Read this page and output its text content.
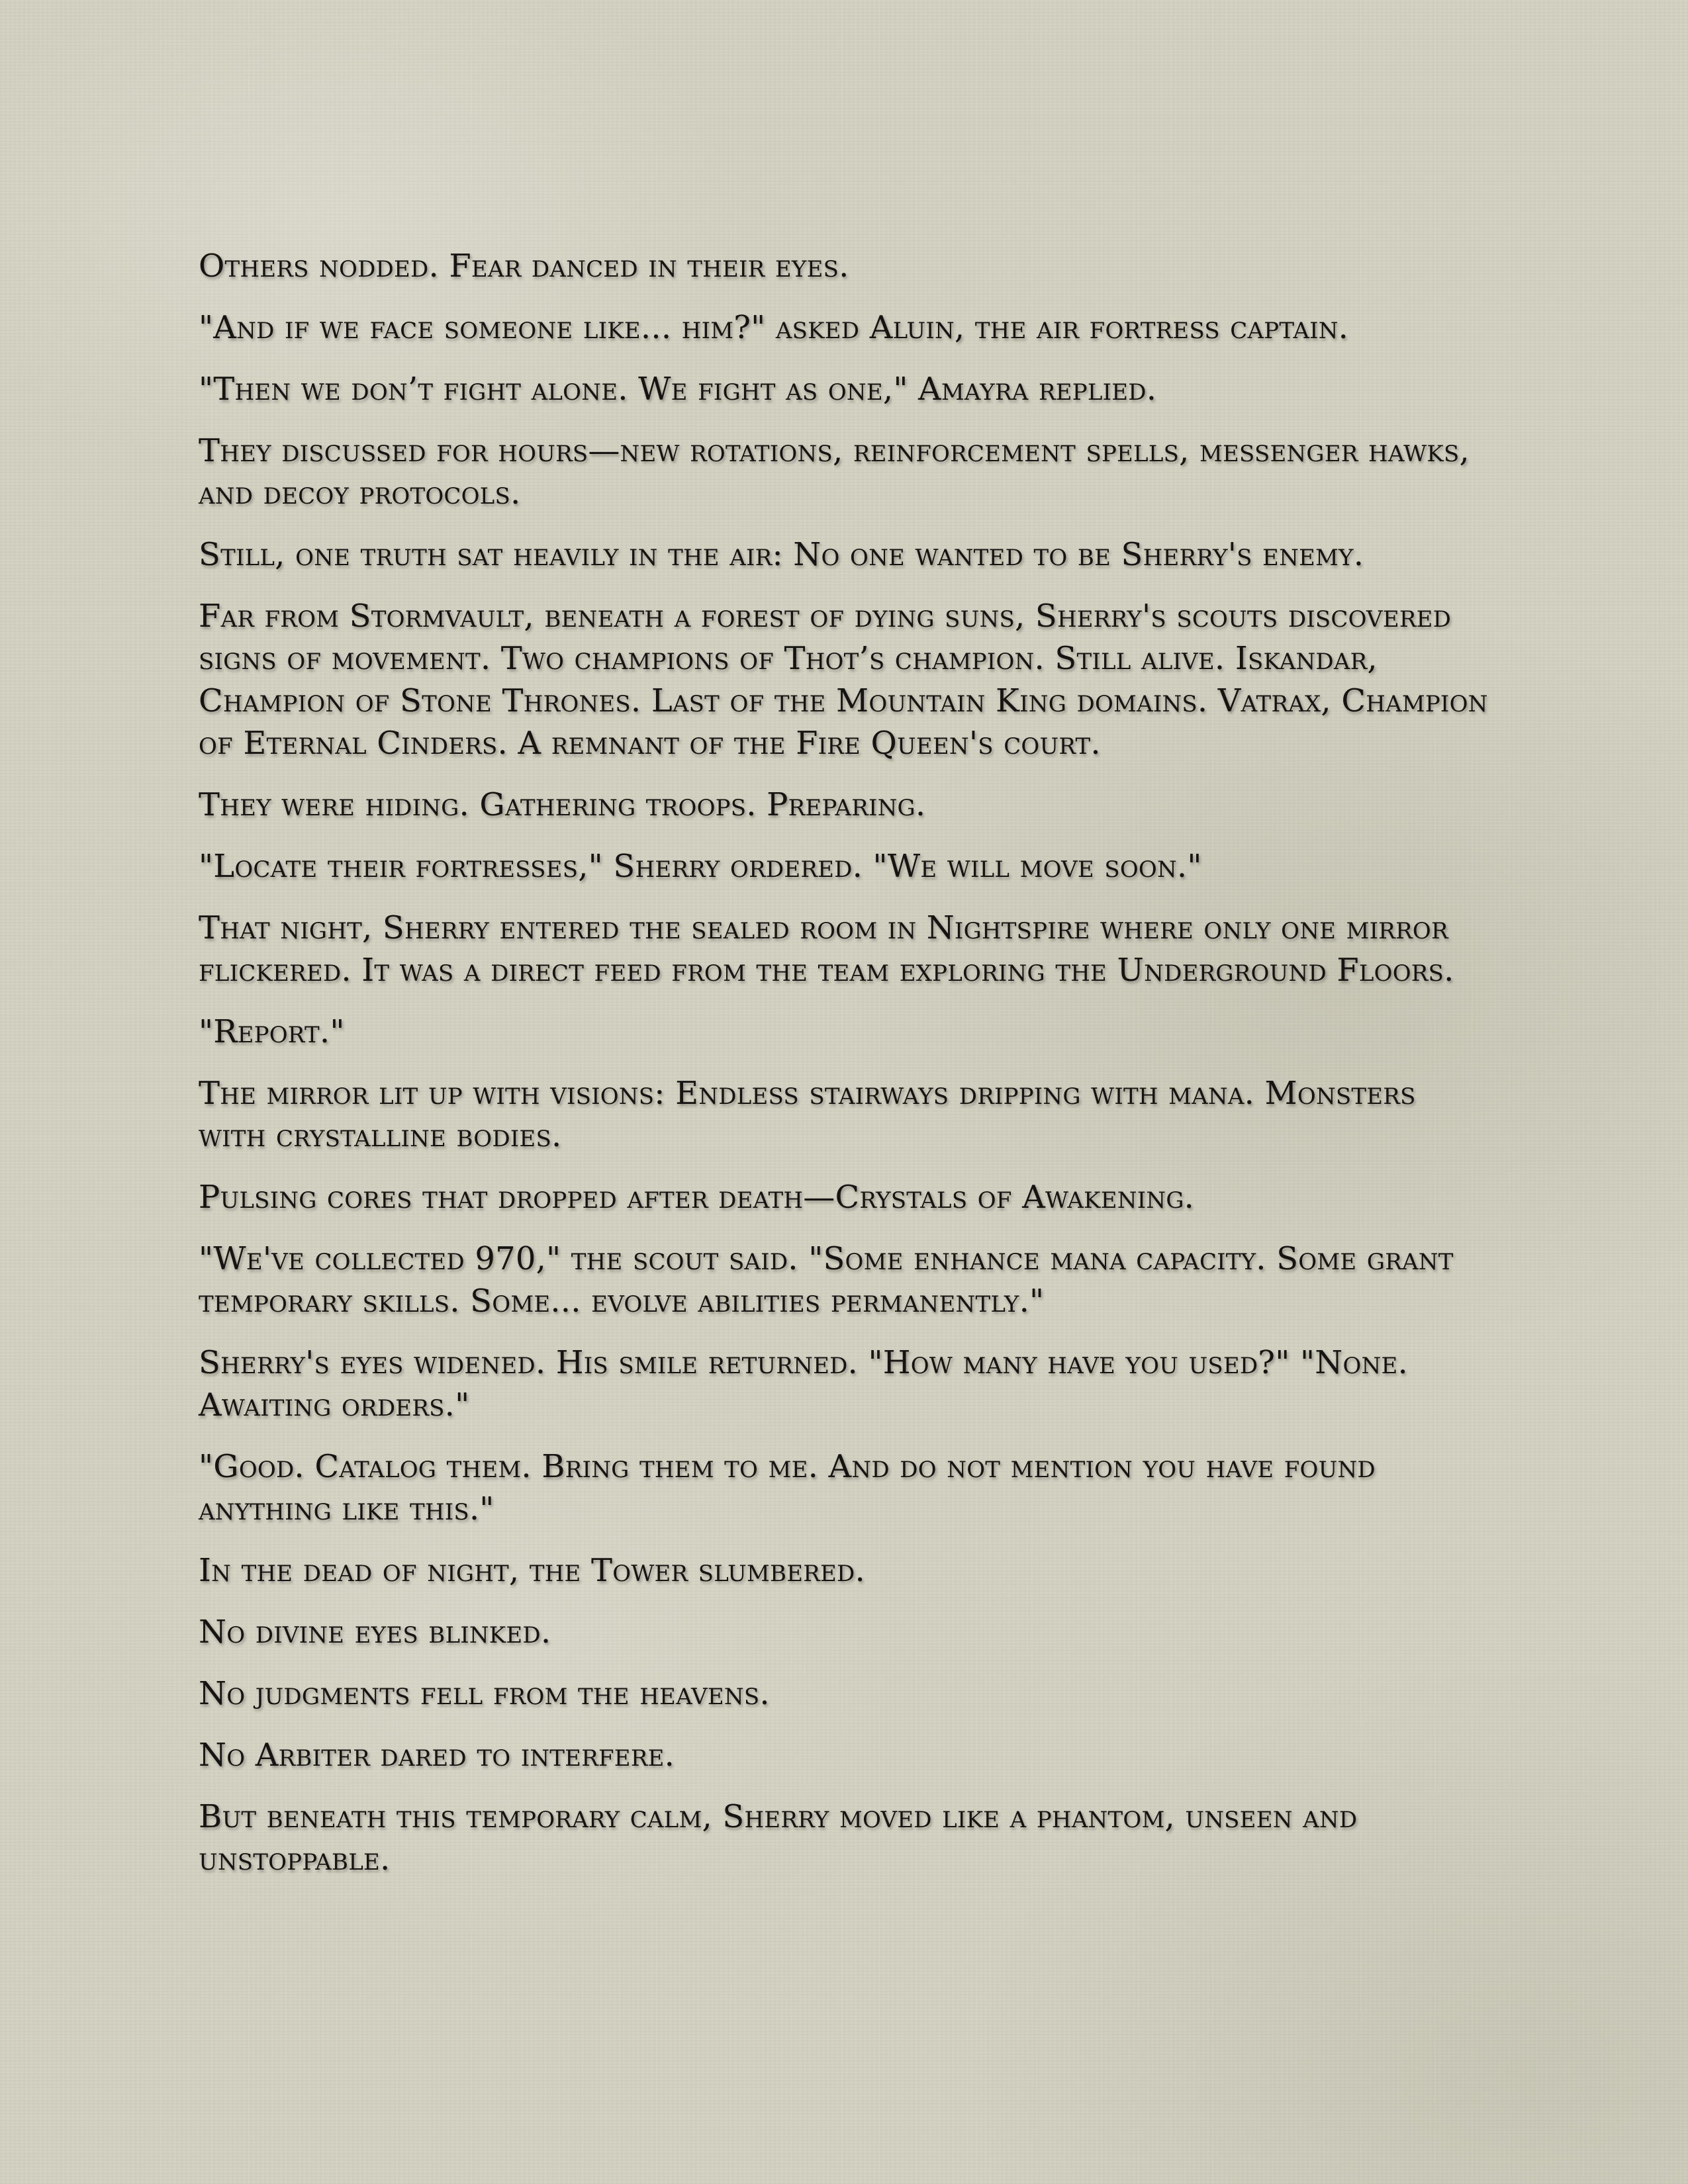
Others nodded. Fear danced in their eyes.

"And if we face someone like... him?" asked Aluin, the air fortress captain.

"Then we don’t fight alone. We fight as one," Amayra replied.

They discussed for hours—new rotations, reinforcement spells, messenger hawks, and decoy protocols.

Still, one truth sat heavily in the air: No one wanted to be Sherry's enemy.

Far from Stormvault, beneath a forest of dying suns, Sherry's scouts discovered signs of movement. Two champions of Thot’s champion. Still alive. Iskandar, Champion of Stone Thrones. Last of the Mountain King domains. Vatrax, Champion of Eternal Cinders. A remnant of the Fire Queen's court.

They were hiding. Gathering troops. Preparing.

"Locate their fortresses," Sherry ordered. "We will move soon."

That night, Sherry entered the sealed room in Nightspire where only one mirror flickered. It was a direct feed from the team exploring the Underground Floors.

"Report."

The mirror lit up with visions: Endless stairways dripping with mana. Monsters with crystalline bodies.

Pulsing cores that dropped after death—Crystals of Awakening.

"We've collected 970," the scout said. "Some enhance mana capacity. Some grant temporary skills. Some... evolve abilities permanently."

Sherry's eyes widened. His smile returned. "How many have you used?" "None. Awaiting orders."

"Good. Catalog them. Bring them to me. And do not mention you have found anything like this."

In the dead of night, the Tower slumbered.

No divine eyes blinked.

No judgments fell from the heavens.

No Arbiter dared to interfere.

But beneath this temporary calm, Sherry moved like a phantom, unseen and unstoppable.
